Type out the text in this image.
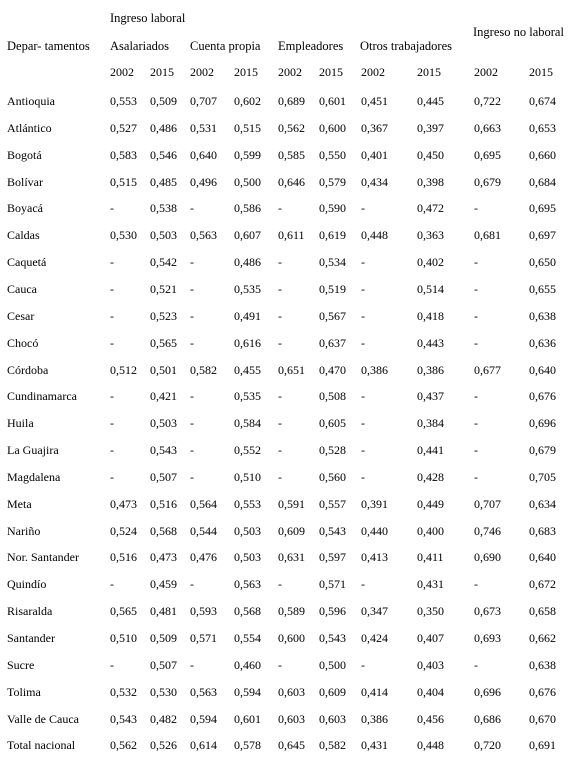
Ingreso laboral
Depar- tamentos
Ingreso no laboral
Asalariados Cuenta propia Empleadores Otros trabajadores
2002 2015 2002 2015 2002 2015 2002	2015	2002	2015
Antioquia	0,553 0,509 0,707 0,602 0,689 0,601 0,451 0,445	0,722 0,674
Atlántico	0,527 0,486 0,531 0,515 0,562 0,600 0,367 0,397	0,663 0,653
Bogotá	0,583 0,546 0,640 0,599 0,585 0,550 0,401 0,450	0,695 0,660
Bolívar	0,515 0,485 0,496 0,500 0,646 0,579 0,434 0,398	0,679 0,684
Boyacá	-	0,538 -	0,586 -	0,590 -	0,472	-	0,695
Caldas	0,530 0,503 0,563 0,607 0,611 0,619 0,448 0,363	0,681 0,697
Caquetá	-	0,542 -	0,486 -	0,534 -	0,402	-	0,650
Cauca	-	0,521 -	0,535 -	0,519 -	0,514	-	0,655
Cesar	-	0,523 -	0,491 -	0,567 -	0,418	-	0,638
Chocó	-	0,565 -	0,616 -	0,637 -	0,443	-	0,636
Córdoba	0,512 0,501 0,582 0,455 0,651 0,470 0,386 0,386	0,677 0,640
Cundinamarca	-	0,421 -	0,535 -	0,508 -	0,437	-	0,676
Huila	-	0,503 -	0,584 -	0,605 -	0,384	-	0,696
La Guajira	-	0,543 -	0,552 -	0,528 -	0,441	-	0,679
Magdalena	-	0,507 -	0,510 -	0,560 -	0,428	-	0,705
Meta	0,473 0,516 0,564 0,553 0,591 0,557 0,391 0,449	0,707 0,634
Nariño	0,524 0,568 0,544 0,503 0,609 0,543 0,440 0,400	0,746 0,683
Nor. Santander	0,516 0,473 0,476 0,503 0,631 0,597 0,413 0,411	0,690 0,640
Quindío	-	0,459 -	0,563 -	0,571 -	0,431	-	0,672
Risaralda	0,565 0,481 0,593 0,568 0,589 0,596 0,347 0,350	0,673 0,658
Santander	0,510 0,509 0,571 0,554 0,600 0,543 0,424 0,407	0,693 0,662
Sucre	-	0,507 -	0,460 -	0,500 -	0,403	-	0,638
Tolima	0,532 0,530 0,563 0,594 0,603 0,609 0,414 0,404	0,696 0,676
Valle de Cauca	0,543 0,482 0,594 0,601 0,603 0,603 0,386 0,456	0,686 0,670
Total nacional	0,562 0,526 0,614 0,578 0,645 0,582 0,431 0,448	0,720 0,691
